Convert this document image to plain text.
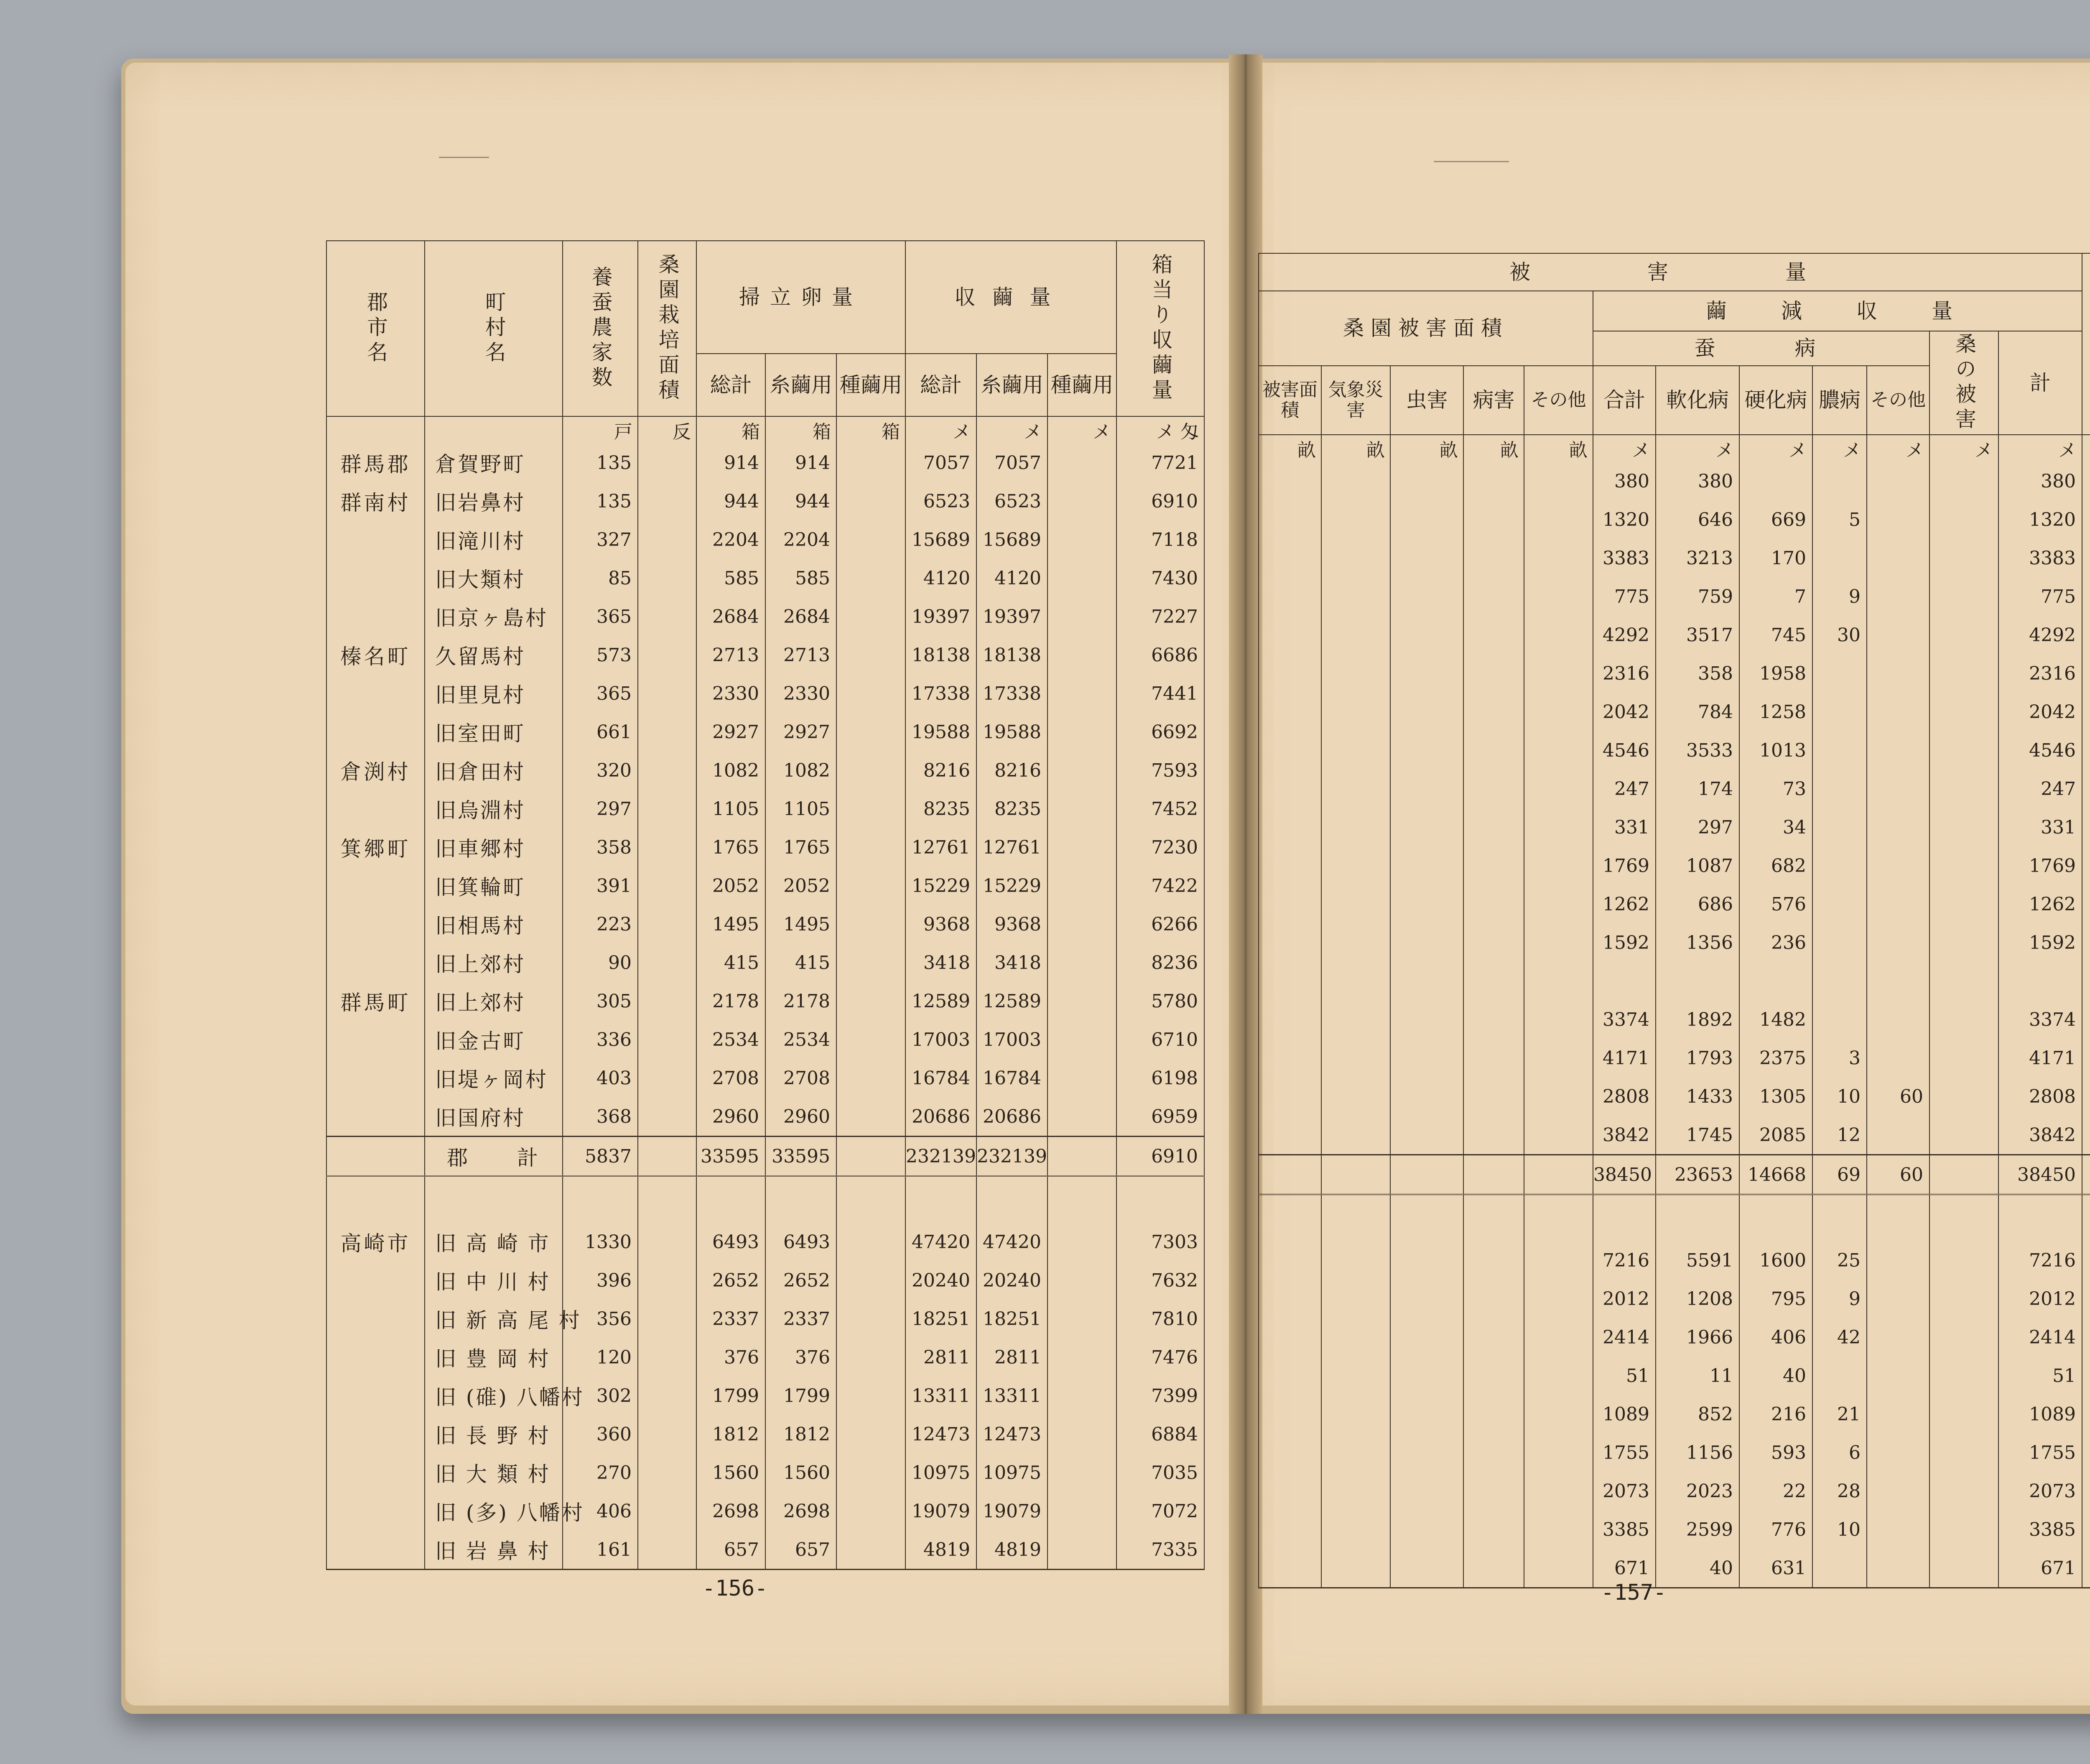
郡市名	町村名	養蚕農家数	桑園栽培面積	掃立卵量			収繭量			箱当り収繭量
				総計	糸繭用	種繭用	総計	糸繭用	種繭用	
		戸	反	箱	箱	箱	メ	メ	メ	メ 匁
群馬郡	倉賀野町	135		914	914		7057	7057		7721
群南村	旧岩鼻村	135		944	944		6523	6523		6910
	旧滝川村	327		2204	2204		15689	15689		7118
	旧大類村	85		585	585		4120	4120		7430
	旧京ヶ島村	365		2684	2684		19397	19397		7227
榛名町	久留馬村	573		2713	2713		18138	18138		6686
	旧里見村	365		2330	2330		17338	17338		7441
	旧室田町	661		2927	2927		19588	19588		6692
倉渕村	旧倉田村	320		1082	1082		8216	8216		7593
	旧烏淵村	297		1105	1105		8235	8235		7452
箕郷町	旧車郷村	358		1765	1765		12761	12761		7230
	旧箕輪町	391		2052	2052		15229	15229		7422
	旧相馬村	223		1495	1495		9368	9368		6266
	旧上郊村	90		415	415		3418	3418		8236
群馬町	旧上郊村	305		2178	2178		12589	12589		5780
	旧金古町	336		2534	2534		17003	17003		6710
	旧堤ヶ岡村	403		2708	2708		16784	16784		6198
	旧国府村	368		2960	2960		20686	20686		6959
	郡　　計	5837		33595	33595		232139	232139		6910

高崎市	旧 高 崎 市	1330		6493	6493		47420	47420		7303
	旧 中 川 村	396		2652	2652		20240	20240		7632
	旧 新 高 尾 村	356		2337	2337		18251	18251		7810
	旧 豊 岡 村	120		376	376		2811	2811		7476
	旧 (碓) 八幡村	302		1799	1799		13311	13311		7399
	旧 長 野 村	360		1812	1812		12473	12473		6884
	旧 大 類 村	270		1560	1560		10975	10975		7035
	旧 (多) 八幡村	406		2698	2698		19079	19079		7072
	旧 岩 鼻 村	161		657	657		4819	4819		7335
被　　害　　量	
桑園被害面積					繭　減　収　量							
					蚕　　病					桑の被害	計	
被害面積	気象災害	虫害	病害	その他	合計	軟化病	硬化病	膿病	その他			
畝	畝	畝	畝	畝	メ	メ	メ	メ	メ	メ	メ	
					380	380					380	
					1320	646	669	5			1320	
					3383	3213	170				3383	
					775	759	7	9			775	
					4292	3517	745	30			4292	
					2316	358	1958				2316	
					2042	784	1258				2042	
					4546	3533	1013				4546	
					247	174	73				247	
					331	297	34				331	
					1769	1087	682				1769	
					1262	686	576				1262	
					1592	1356	236				1592	

					3374	1892	1482				3374	
					4171	1793	2375	3			4171	
					2808	1433	1305	10	60		2808	
					3842	1745	2085	12			3842	
					38450	23653	14668	69	60		38450	

					7216	5591	1600	25			7216	
					2012	1208	795	9			2012	
					2414	1966	406	42			2414	
					51	11	40				51	
					1089	852	216	21			1089	
					1755	1156	593	6			1755	
					2073	2023	22	28			2073	
					3385	2599	776	10			3385	
					671	40	631				671	
-156-	-157-
